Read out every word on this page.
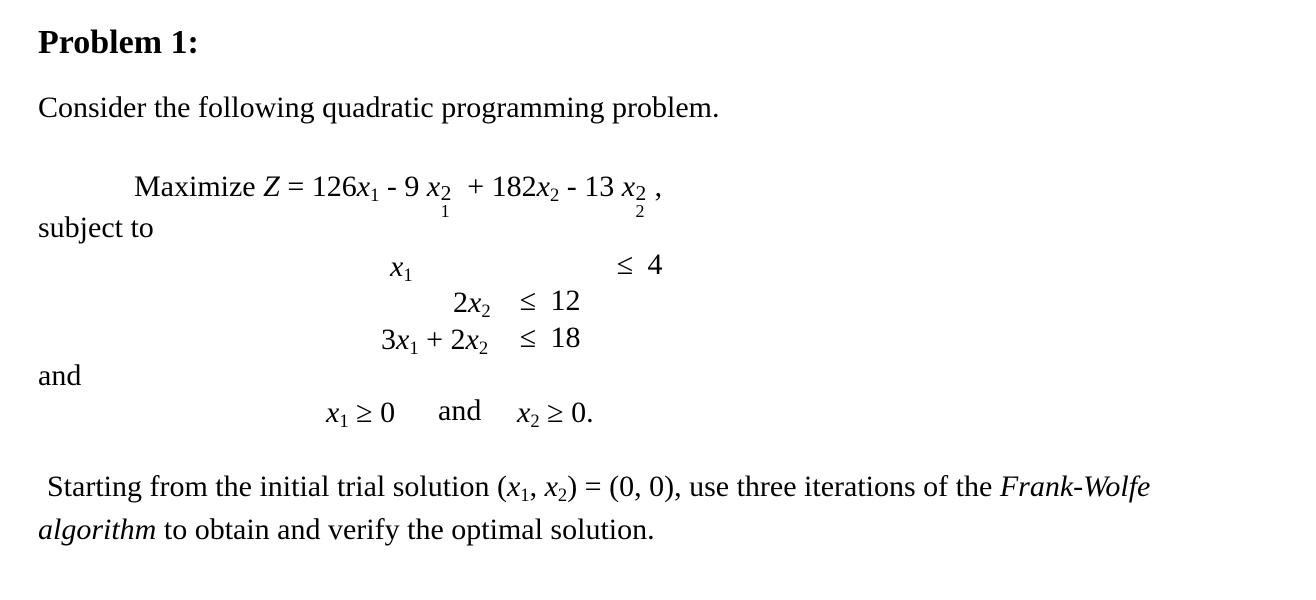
Problem 1:
Consider the following quadratic programming problem.
Maximize Z = 126x1 - 9 x 2
1
+ 182x2 - 13 x 2
2
,
subject to
x1	≤ 4
2x2 ≤ 12
3x1 + 2x2 ≤ 18
and
x1 ≥ 0 and x2 ≥ 0.
Starting from the initial trial solution (x1, x2) = (0, 0), use three iterations of the Frank-Wolfe
algorithm to obtain and verify the optimal solution.
